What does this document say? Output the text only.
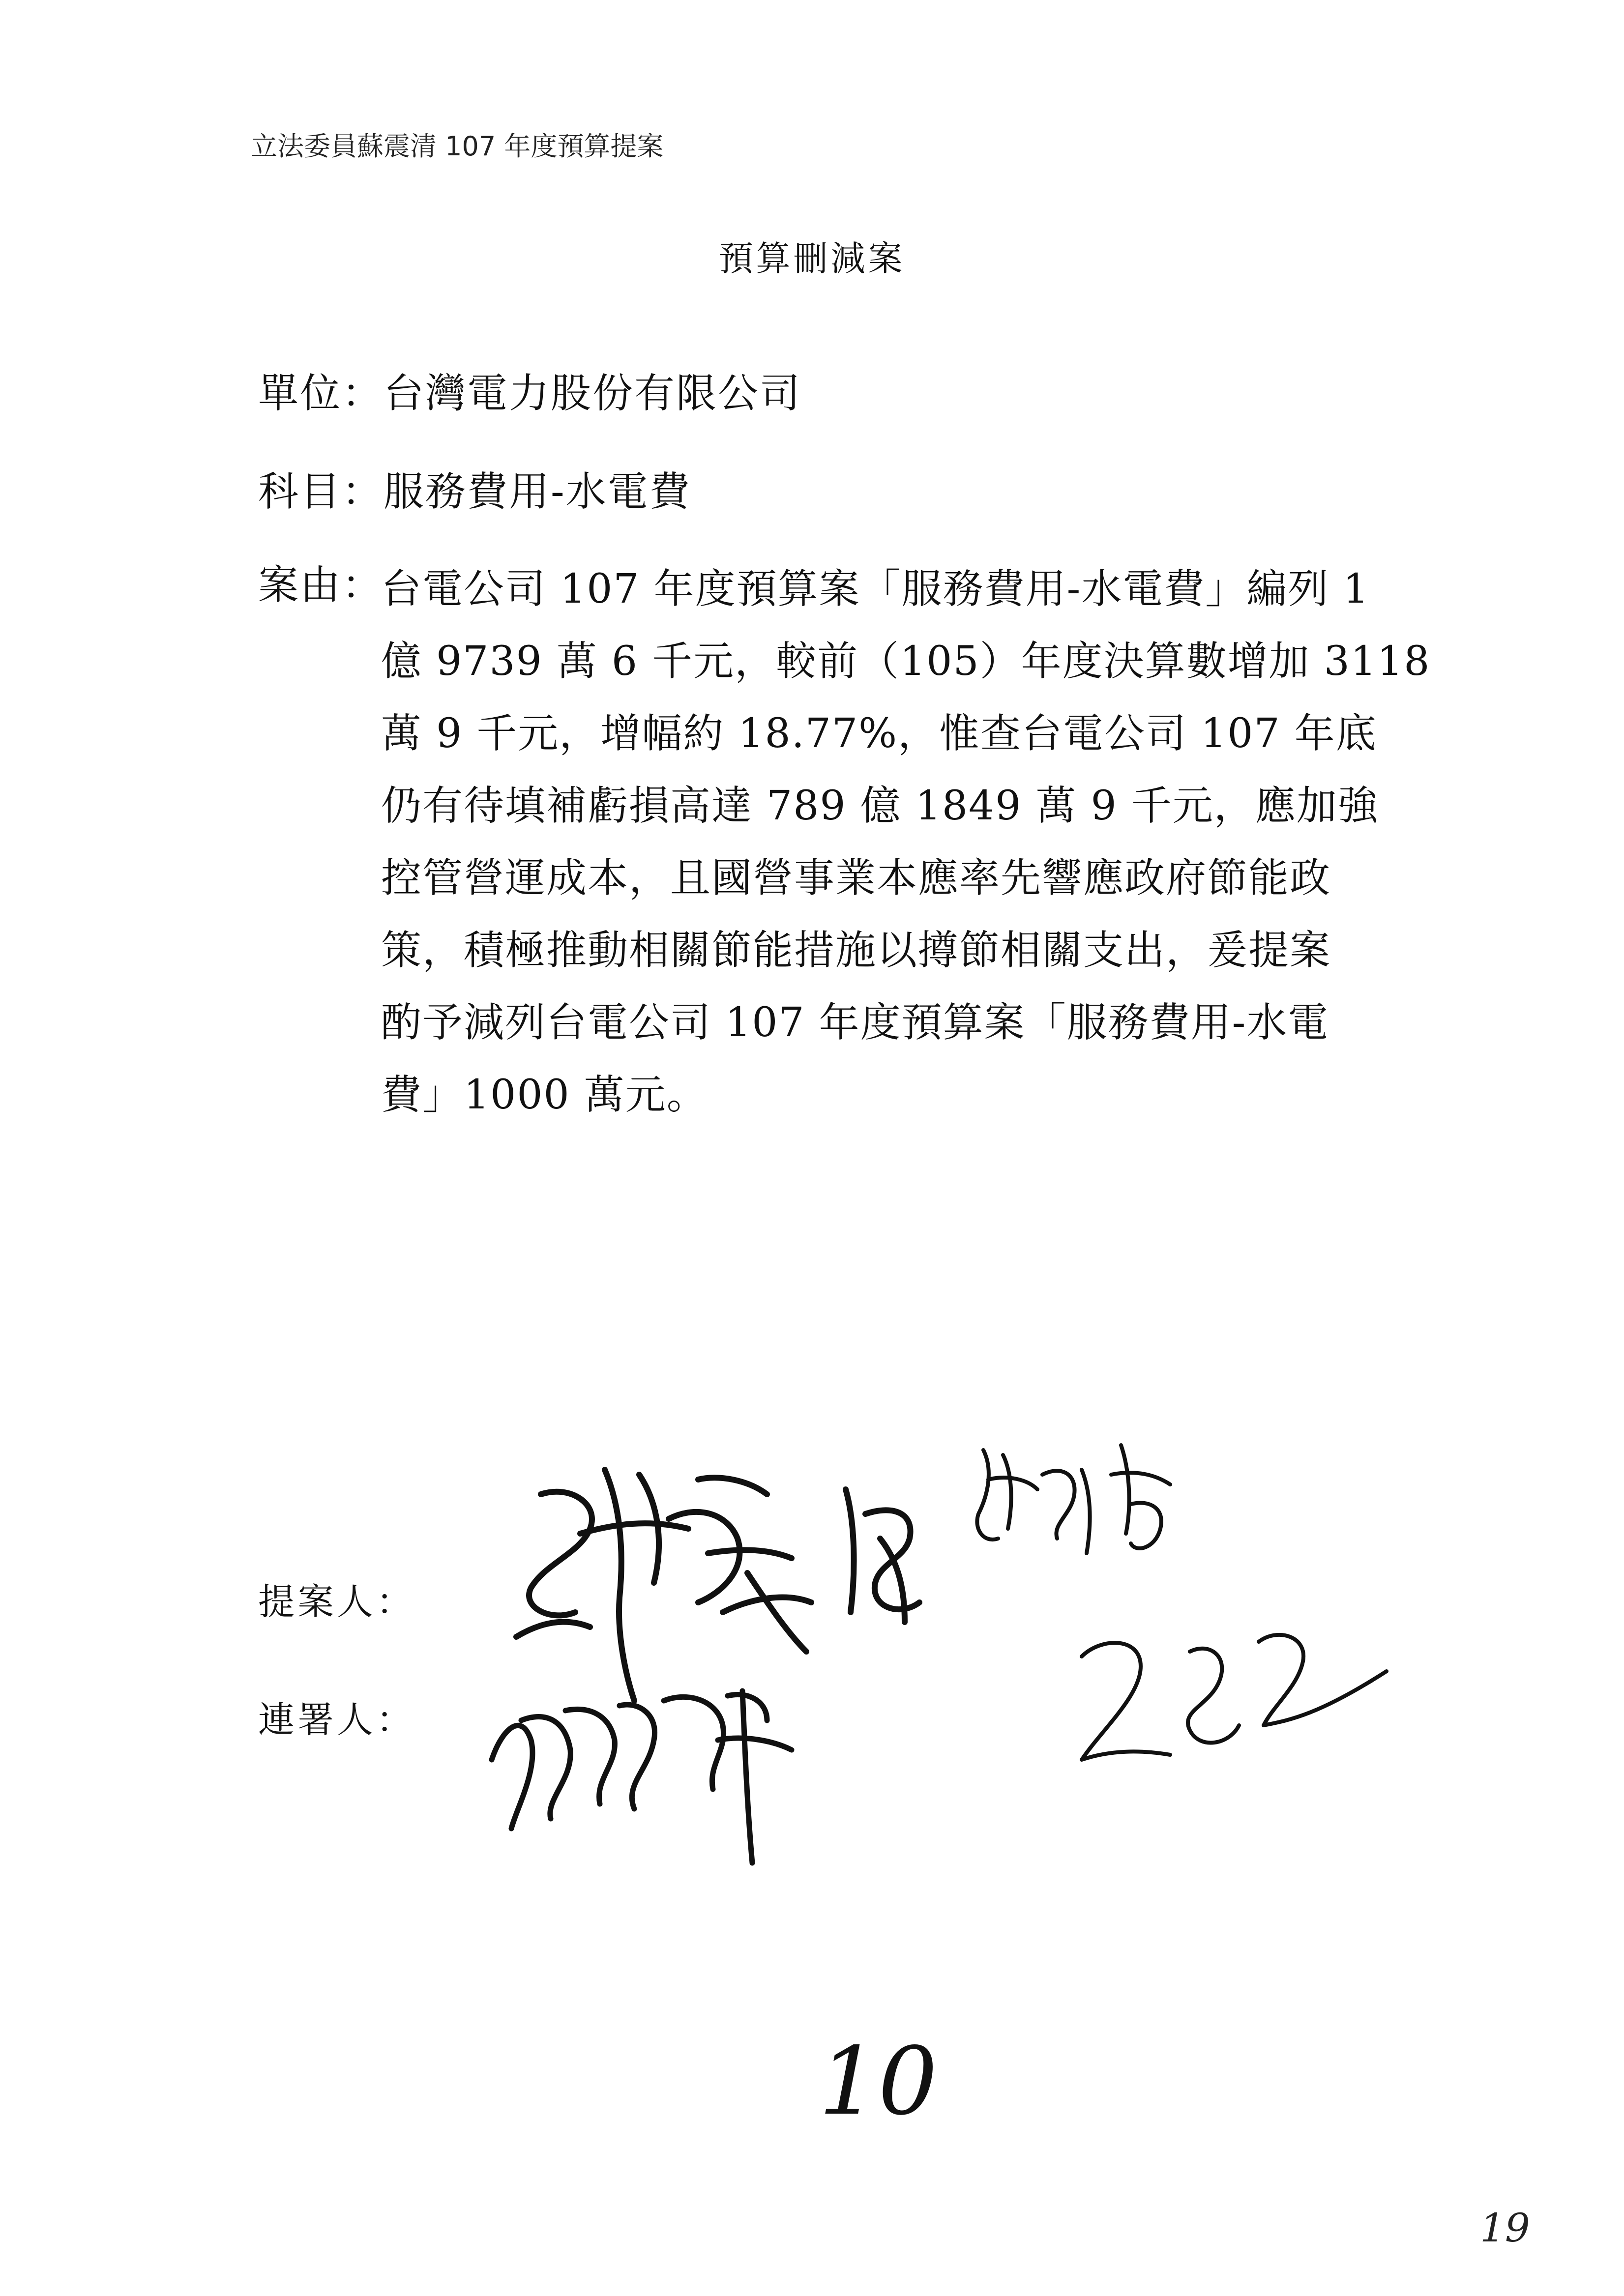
立法委員蘇震清 107 年度預算提案
預算刪減案
單位：台灣電力股份有限公司
科目：服務費用-水電費
案由：
台電公司 107 年度預算案「服務費用-水電費」編列 1
億 9739 萬 6 千元，較前（105）年度決算數增加 3118
萬 9 千元，增幅約 18.77%，惟查台電公司 107 年底
仍有待填補虧損高達 789 億 1849 萬 9 千元，應加強
控管營運成本，且國營事業本應率先響應政府節能政
策，積極推動相關節能措施以撙節相關支出，爰提案
酌予減列台電公司 107 年度預算案「服務費用-水電
費」1000 萬元。
提案人：
連署人：
10
19
